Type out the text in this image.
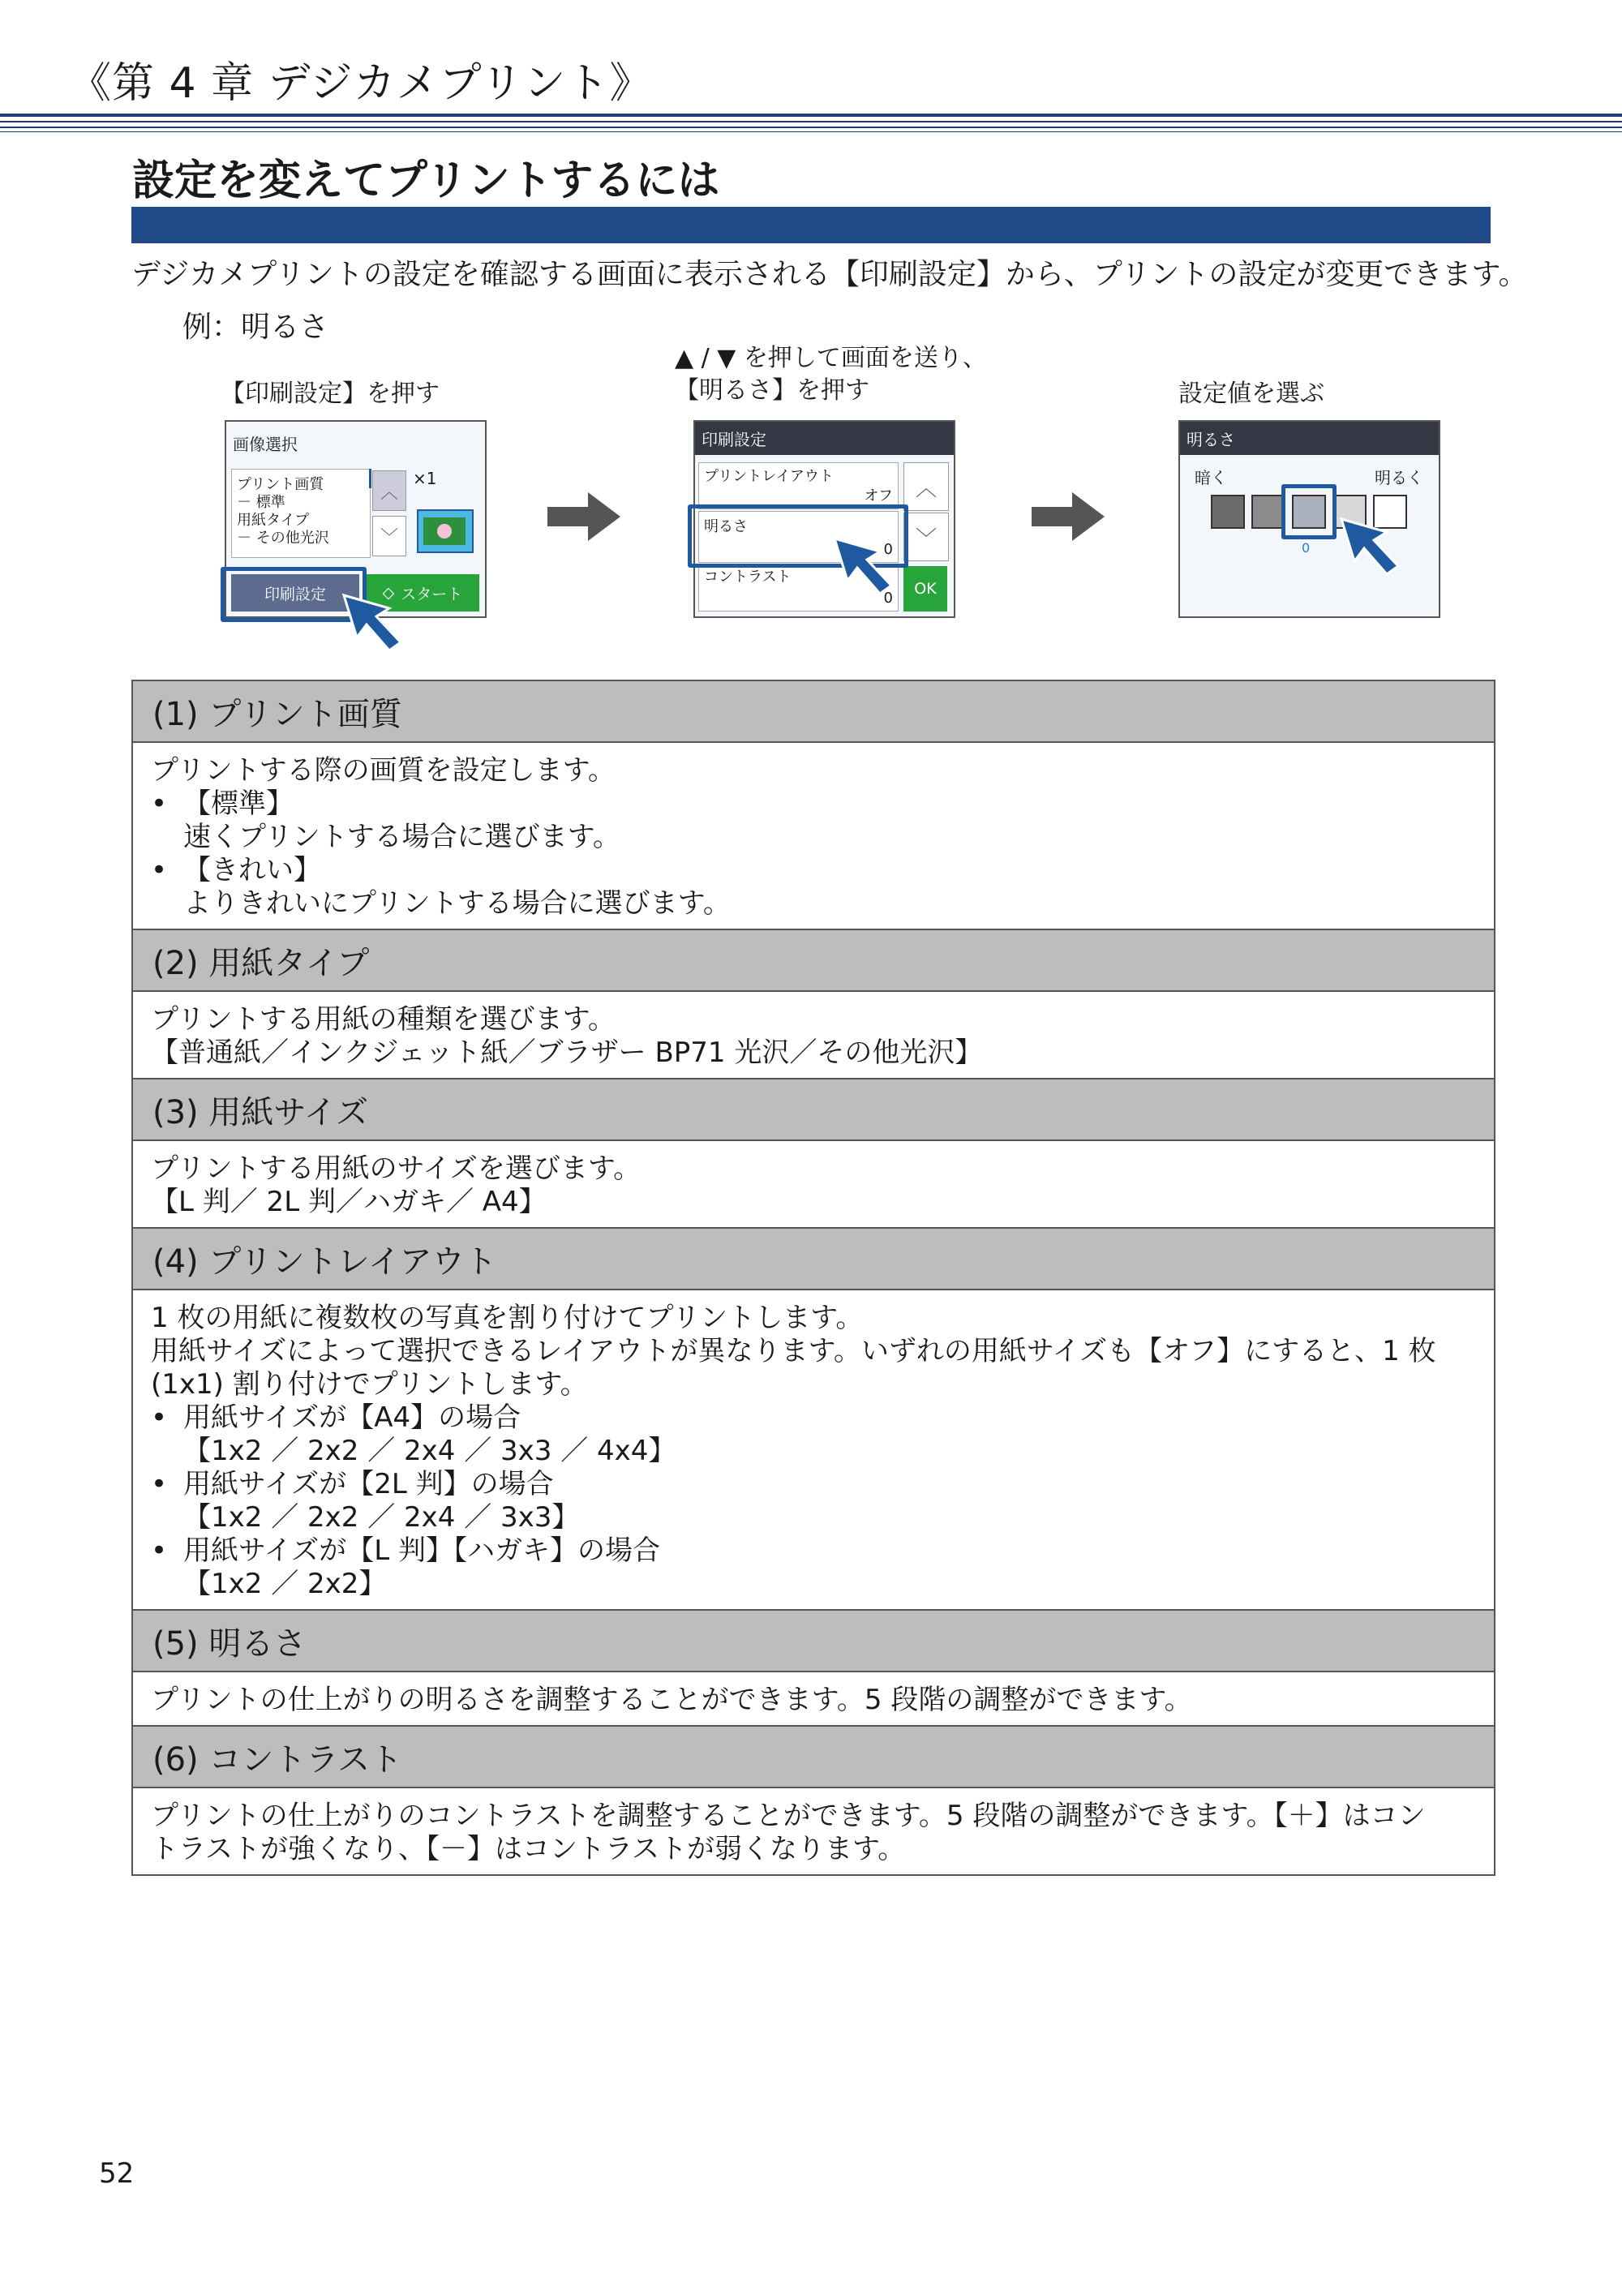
《第 4 章 デジカメプリント》
設定を変えてプリントするには
デジカメプリントの設定を確認する画面に表示される【印刷設定】から、プリントの設定が変更できます。
例：明るさ
【印刷設定】を押す
▲ / ▼ を押して画面を送り、
【明るさ】を押す	設定値を選ぶ
画像選択
プリント画質
－ 標準
用紙タイプ
－ その他光沢
︿
﹀
×1
印刷設定	◇ スタート
印刷設定
プリントレイアウト
オフ
明るさ
0
コントラスト
0
︿
﹀
OK
明るさ
暗く	明るく
0
(1) プリント画質
プリントする際の画質を設定します。
• 【標準】
速くプリントする場合に選びます。
• 【きれい】
よりきれいにプリントする場合に選びます。
(2) 用紙タイプ
プリントする用紙の種類を選びます。
【普通紙／インクジェット紙／ブラザー BP71 光沢／その他光沢】
(3) 用紙サイズ
プリントする用紙のサイズを選びます。
【L 判／ 2L 判／ハガキ／ A4】
(4) プリントレイアウト
1 枚の用紙に複数枚の写真を割り付けてプリントします。
用紙サイズによって選択できるレイアウトが異なります。いずれの用紙サイズも【オフ】にすると、1 枚
(1x1) 割り付けでプリントします。
• 用紙サイズが【A4】の場合
【1x2 ／ 2x2 ／ 2x4 ／ 3x3 ／ 4x4】
• 用紙サイズが【2L 判】の場合
【1x2 ／ 2x2 ／ 2x4 ／ 3x3】
• 用紙サイズが【L 判】【ハガキ】の場合
【1x2 ／ 2x2】
(5) 明るさ
プリントの仕上がりの明るさを調整することができます。5 段階の調整ができます。
(6) コントラスト
プリントの仕上がりのコントラストを調整することができます。5 段階の調整ができます。【＋】はコン
トラストが強くなり、【－】はコントラストが弱くなります。
52
